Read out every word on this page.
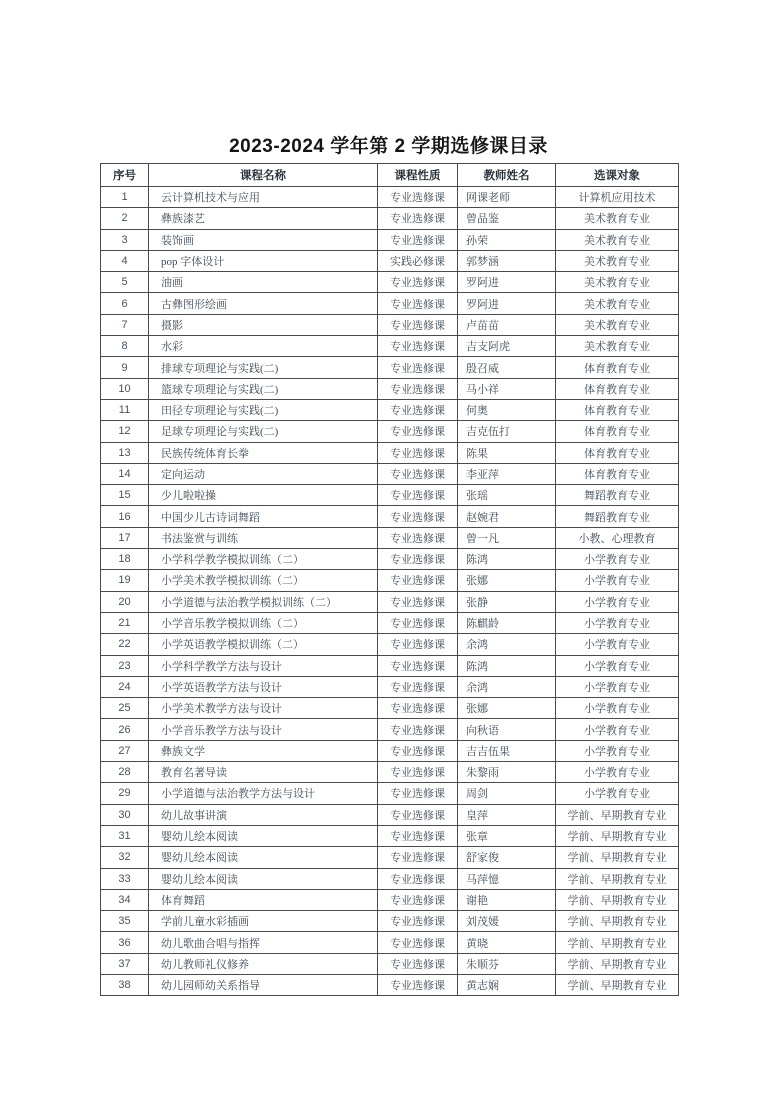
2023-2024 学年第 2 学期选修课目录
序号	课程名称	课程性质	教师姓名	选课对象
1	云计算机技术与应用	专业选修课	网课老师	计算机应用技术
2	彝族漆艺	专业选修课	曾品鉴	美术教育专业
3	装饰画	专业选修课	孙荣	美术教育专业
4	pop 字体设计	实践必修课	郭梦涵	美术教育专业
5	油画	专业选修课	罗阿进	美术教育专业
6	古彝图形绘画	专业选修课	罗阿进	美术教育专业
7	摄影	专业选修课	卢苗苗	美术教育专业
8	水彩	专业选修课	吉支阿虎	美术教育专业
9	排球专项理论与实践(二)	专业选修课	殷召威	体育教育专业
10	篮球专项理论与实践(二)	专业选修课	马小祥	体育教育专业
11	田径专项理论与实践(二)	专业选修课	何奥	体育教育专业
12	足球专项理论与实践(二)	专业选修课	吉克伍打	体育教育专业
13	民族传统体育长拳	专业选修课	陈果	体育教育专业
14	定向运动	专业选修课	李亚萍	体育教育专业
15	少儿啦啦操	专业选修课	张瑶	舞蹈教育专业
16	中国少儿古诗词舞蹈	专业选修课	赵婉君	舞蹈教育专业
17	书法鉴赏与训练	专业选修课	曾一凡	小教、心理教育
18	小学科学教学模拟训练（二）	专业选修课	陈鸿	小学教育专业
19	小学美术教学模拟训练（二）	专业选修课	张娜	小学教育专业
20	小学道德与法治教学模拟训练（二）	专业选修课	张静	小学教育专业
21	小学音乐教学模拟训练（二）	专业选修课	陈麒龄	小学教育专业
22	小学英语教学模拟训练（二）	专业选修课	余鸿	小学教育专业
23	小学科学教学方法与设计	专业选修课	陈鸿	小学教育专业
24	小学英语教学方法与设计	专业选修课	余鸿	小学教育专业
25	小学美术教学方法与设计	专业选修课	张娜	小学教育专业
26	小学音乐教学方法与设计	专业选修课	向秋语	小学教育专业
27	彝族文学	专业选修课	吉吉伍果	小学教育专业
28	教育名著导读	专业选修课	朱黎雨	小学教育专业
29	小学道德与法治教学方法与设计	专业选修课	周剑	小学教育专业
30	幼儿故事讲演	专业选修课	皇萍	学前、早期教育专业
31	婴幼儿绘本阅读	专业选修课	张章	学前、早期教育专业
32	婴幼儿绘本阅读	专业选修课	舒家俊	学前、早期教育专业
33	婴幼儿绘本阅读	专业选修课	马萍憶	学前、早期教育专业
34	体育舞蹈	专业选修课	谢艳	学前、早期教育专业
35	学前儿童水彩插画	专业选修课	刘茂媛	学前、早期教育专业
36	幼儿歌曲合唱与指挥	专业选修课	黄晓	学前、早期教育专业
37	幼儿教师礼仪修养	专业选修课	朱顺芬	学前、早期教育专业
38	幼儿园师幼关系指导	专业选修课	黄志娴	学前、早期教育专业
